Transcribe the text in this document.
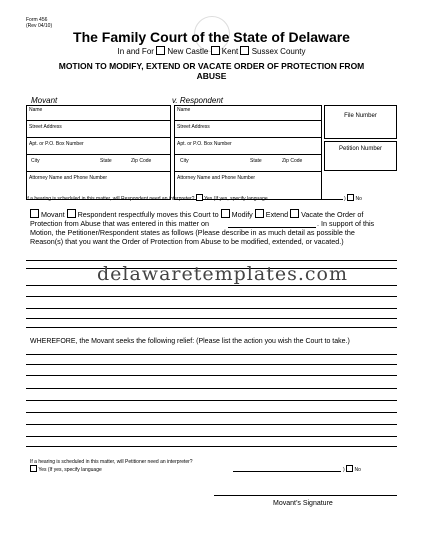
Form 456
(Rev 04/10)
The Family Court of the State of Delaware
In and For New Castle Kent Sussex County
MOTION TO MODIFY, EXTEND OR VACATE ORDER OF PROTECTION FROM
ABUSE
Movant	v. Respondent
Name
Street Address
Apt. or P.O. Box Number
City	State	Zip Code
Attorney Name and Phone Number
Name
Street Address
Apt. or P.O. Box Number
City	State	Zip Code
Attorney Name and Phone Number
File Number
Petition Number
If a hearing is scheduled in this matter, will Respondent need an interpreter? Yes (If yes, specify language	) No
Movant Respondent respectfully moves this Court to Modify Extend Vacate the Order of
Protection from Abuse that was entered in this matter on	. In support of this
Motion, the Petitioner/Respondent states as follows (Please describe in as much detail as possible the
Reason(s) that you want the Order of Protection from Abuse to be modified, extended, or vacated.)
delawaretemplates.com
WHEREFORE, the Movant seeks the following relief: (Please list the action you wish the Court to take.)
If a hearing is scheduled in this matter, will Petitioner need an interpreter?
Yes (If yes, specify language	) No
Movant’s Signature
